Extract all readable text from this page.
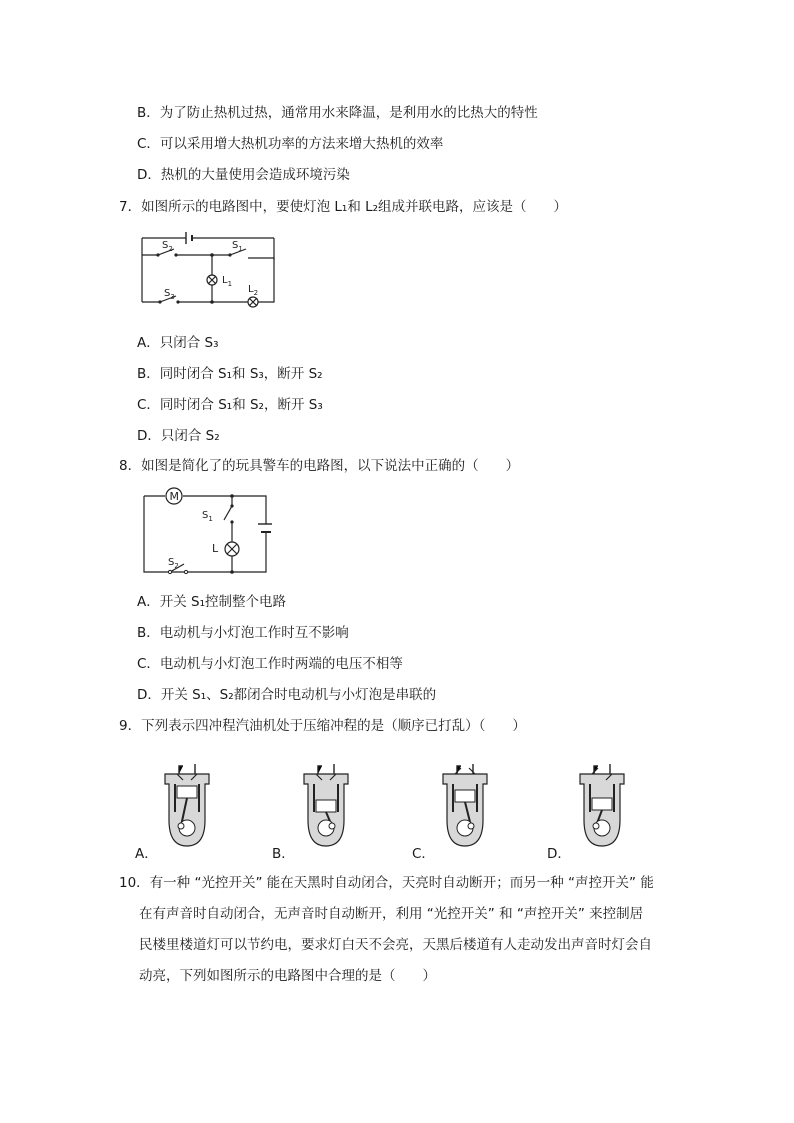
B．为了防止热机过热，通常用水来降温，是利用水的比热大的特性
C．可以采用增大热机功率的方法来增大热机的效率
D．热机的大量使用会造成环境污染
7．如图所示的电路图中，要使灯泡 L₁和 L₂组成并联电路，应该是（　　）
$S_2$	$S_1$
$L_1$
$S_3$
$L_2$
A．只闭合 S₃
B．同时闭合 S₁和 S₃，断开 S₂
C．同时闭合 S₁和 S₂，断开 S₃
D．只闭合 S₂
8．如图是简化了的玩具警车的电路图，以下说法中正确的（　　）
M
$S_1$
L
$S_2$
A．开关 S₁控制整个电路
B．电动机与小灯泡工作时互不影响
C．电动机与小灯泡工作时两端的电压不相等
D．开关 S₁、S₂都闭合时电动机与小灯泡是串联的
9．下列表示四冲程汽油机处于压缩冲程的是（顺序已打乱）（　　）
A．	B．	C．	D．
10．有一种 “光控开关” 能在天黑时自动闭合，天亮时自动断开；而另一种 “声控开关” 能
在有声音时自动闭合，无声音时自动断开，利用 “光控开关” 和 “声控开关” 来控制居
民楼里楼道灯可以节约电，要求灯白天不会亮，天黑后楼道有人走动发出声音时灯会自
动亮，下列如图所示的电路图中合理的是（　　）
